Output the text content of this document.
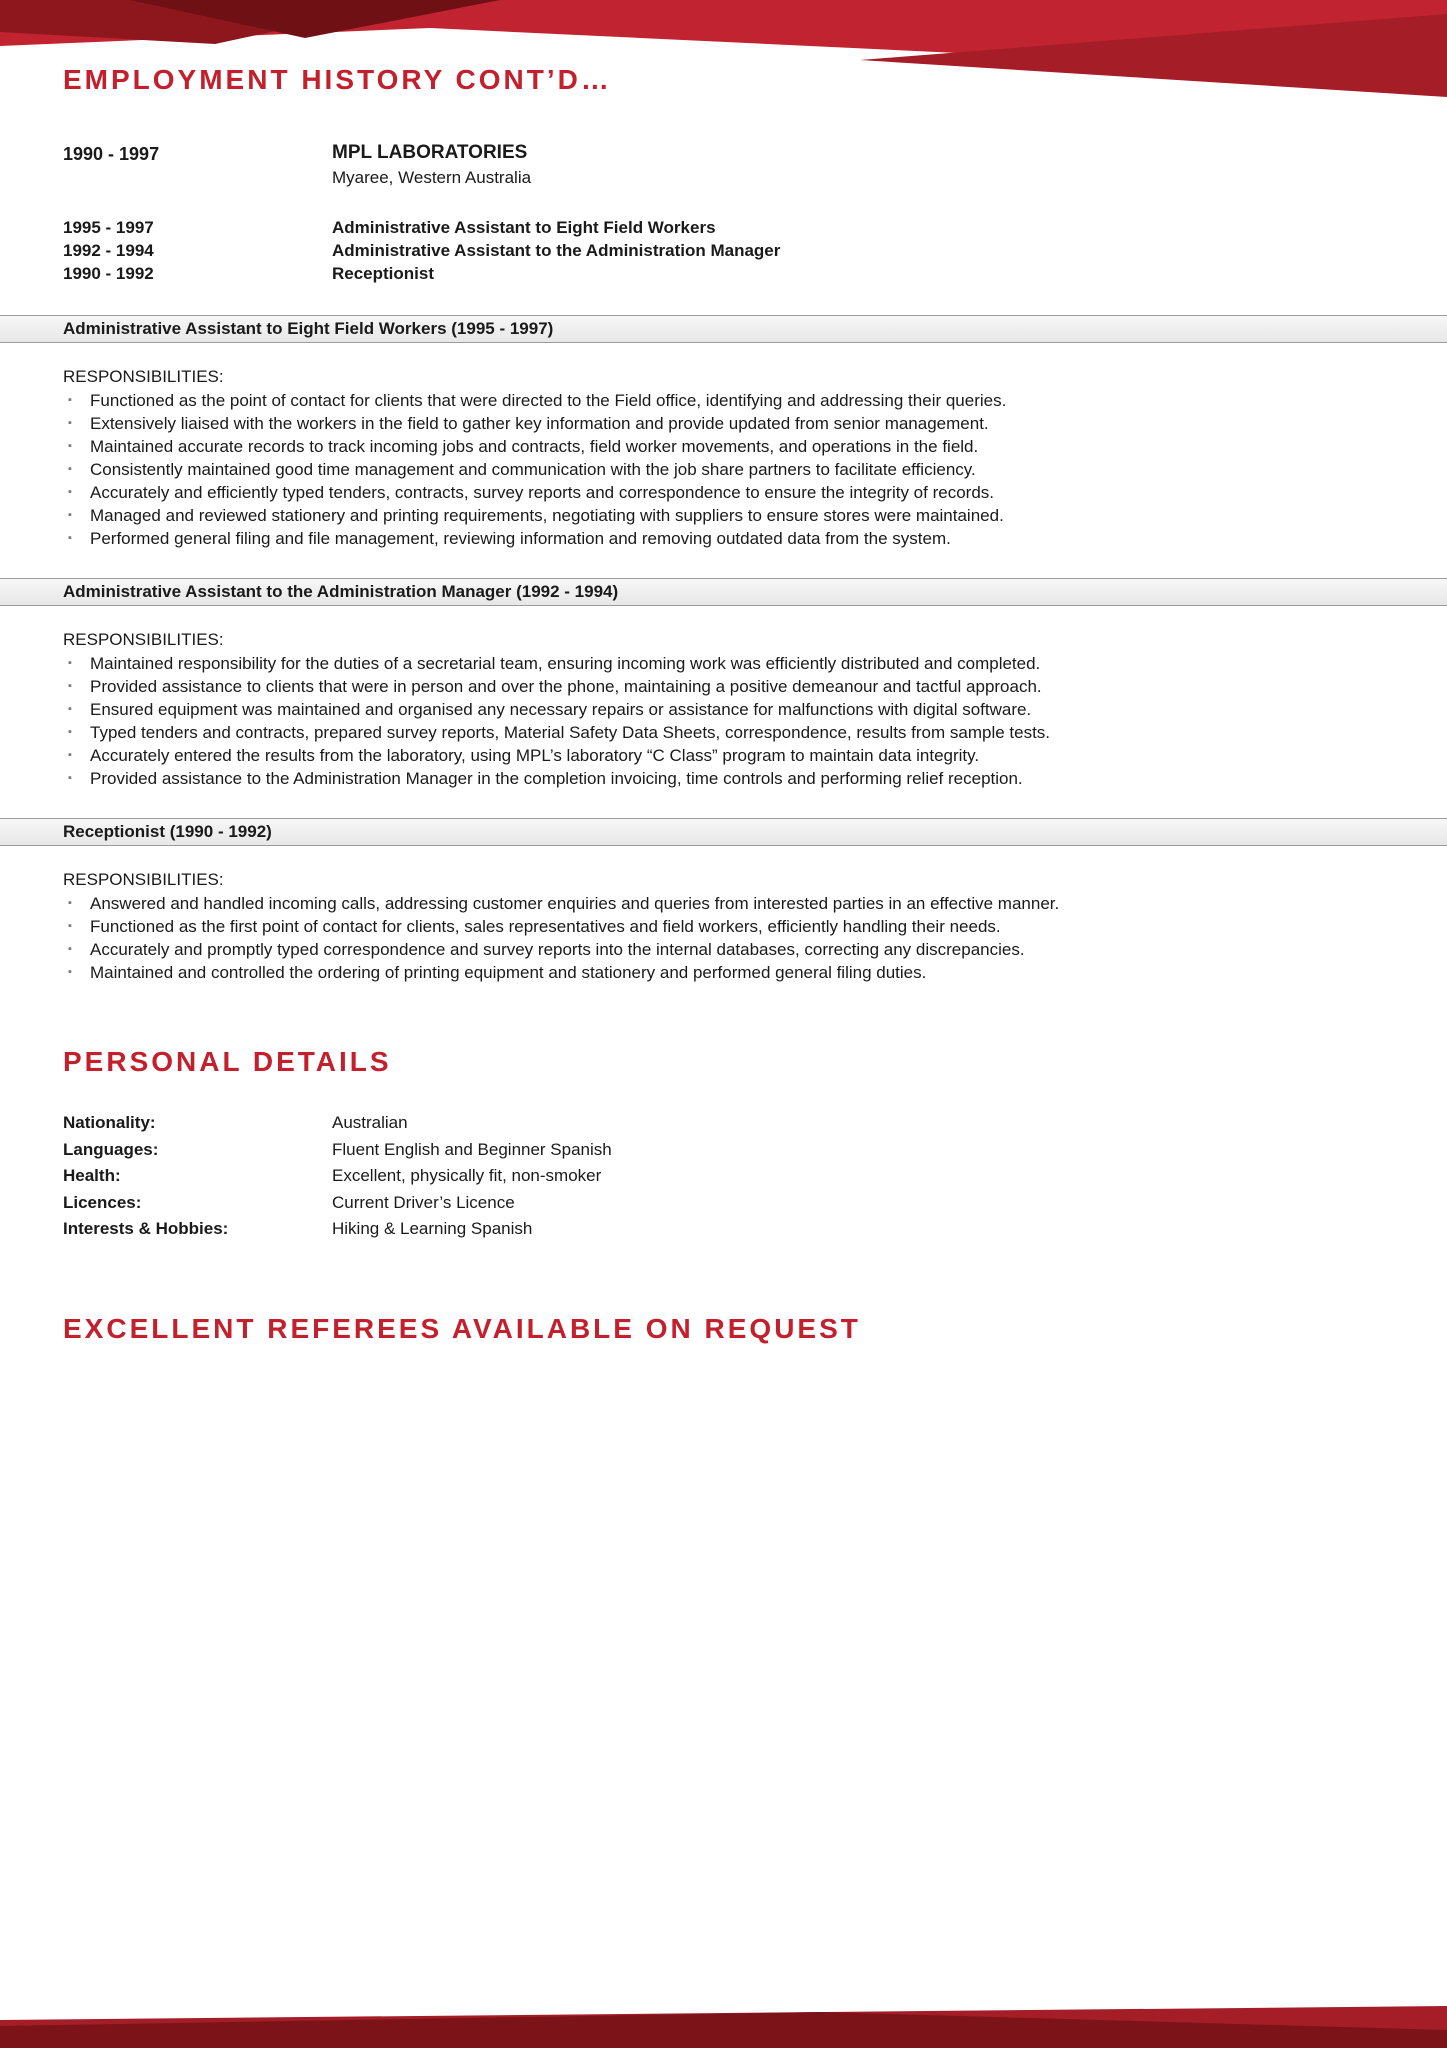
EMPLOYMENT HISTORY CONT’D…
1990 - 1997	MPL LABORATORIES
Myaree, Western Australia
1995 - 1997	Administrative Assistant to Eight Field Workers
1992 - 1994	Administrative Assistant to the Administration Manager
1990 - 1992	Receptionist
Administrative Assistant to Eight Field Workers (1995 - 1997)
RESPONSIBILITIES:
▪	Functioned as the point of contact for clients that were directed to the Field office, identifying and addressing their queries.
▪	Extensively liaised with the workers in the field to gather key information and provide updated from senior management.
▪	Maintained accurate records to track incoming jobs and contracts, field worker movements, and operations in the field.
▪	Consistently maintained good time management and communication with the job share partners to facilitate efficiency.
▪	Accurately and efficiently typed tenders, contracts, survey reports and correspondence to ensure the integrity of records.
▪	Managed and reviewed stationery and printing requirements, negotiating with suppliers to ensure stores were maintained.
▪	Performed general filing and file management, reviewing information and removing outdated data from the system.
Administrative Assistant to the Administration Manager (1992 - 1994)
RESPONSIBILITIES:
▪	Maintained responsibility for the duties of a secretarial team, ensuring incoming work was efficiently distributed and completed.
▪	Provided assistance to clients that were in person and over the phone, maintaining a positive demeanour and tactful approach.
▪	Ensured equipment was maintained and organised any necessary repairs or assistance for malfunctions with digital software.
▪	Typed tenders and contracts, prepared survey reports, Material Safety Data Sheets, correspondence, results from sample tests.
▪	Accurately entered the results from the laboratory, using MPL’s laboratory “C Class” program to maintain data integrity.
▪	Provided assistance to the Administration Manager in the completion invoicing, time controls and performing relief reception.
Receptionist (1990 - 1992)
RESPONSIBILITIES:
▪	Answered and handled incoming calls, addressing customer enquiries and queries from interested parties in an effective manner.
▪	Functioned as the first point of contact for clients, sales representatives and field workers, efficiently handling their needs.
▪	Accurately and promptly typed correspondence and survey reports into the internal databases, correcting any discrepancies.
▪	Maintained and controlled the ordering of printing equipment and stationery and performed general filing duties.
PERSONAL DETAILS
Nationality:	Australian
Languages:	Fluent English and Beginner Spanish
Health:	Excellent, physically fit, non-smoker
Licences:	Current Driver’s Licence
Interests & Hobbies:	Hiking & Learning Spanish
EXCELLENT REFEREES AVAILABLE ON REQUEST
